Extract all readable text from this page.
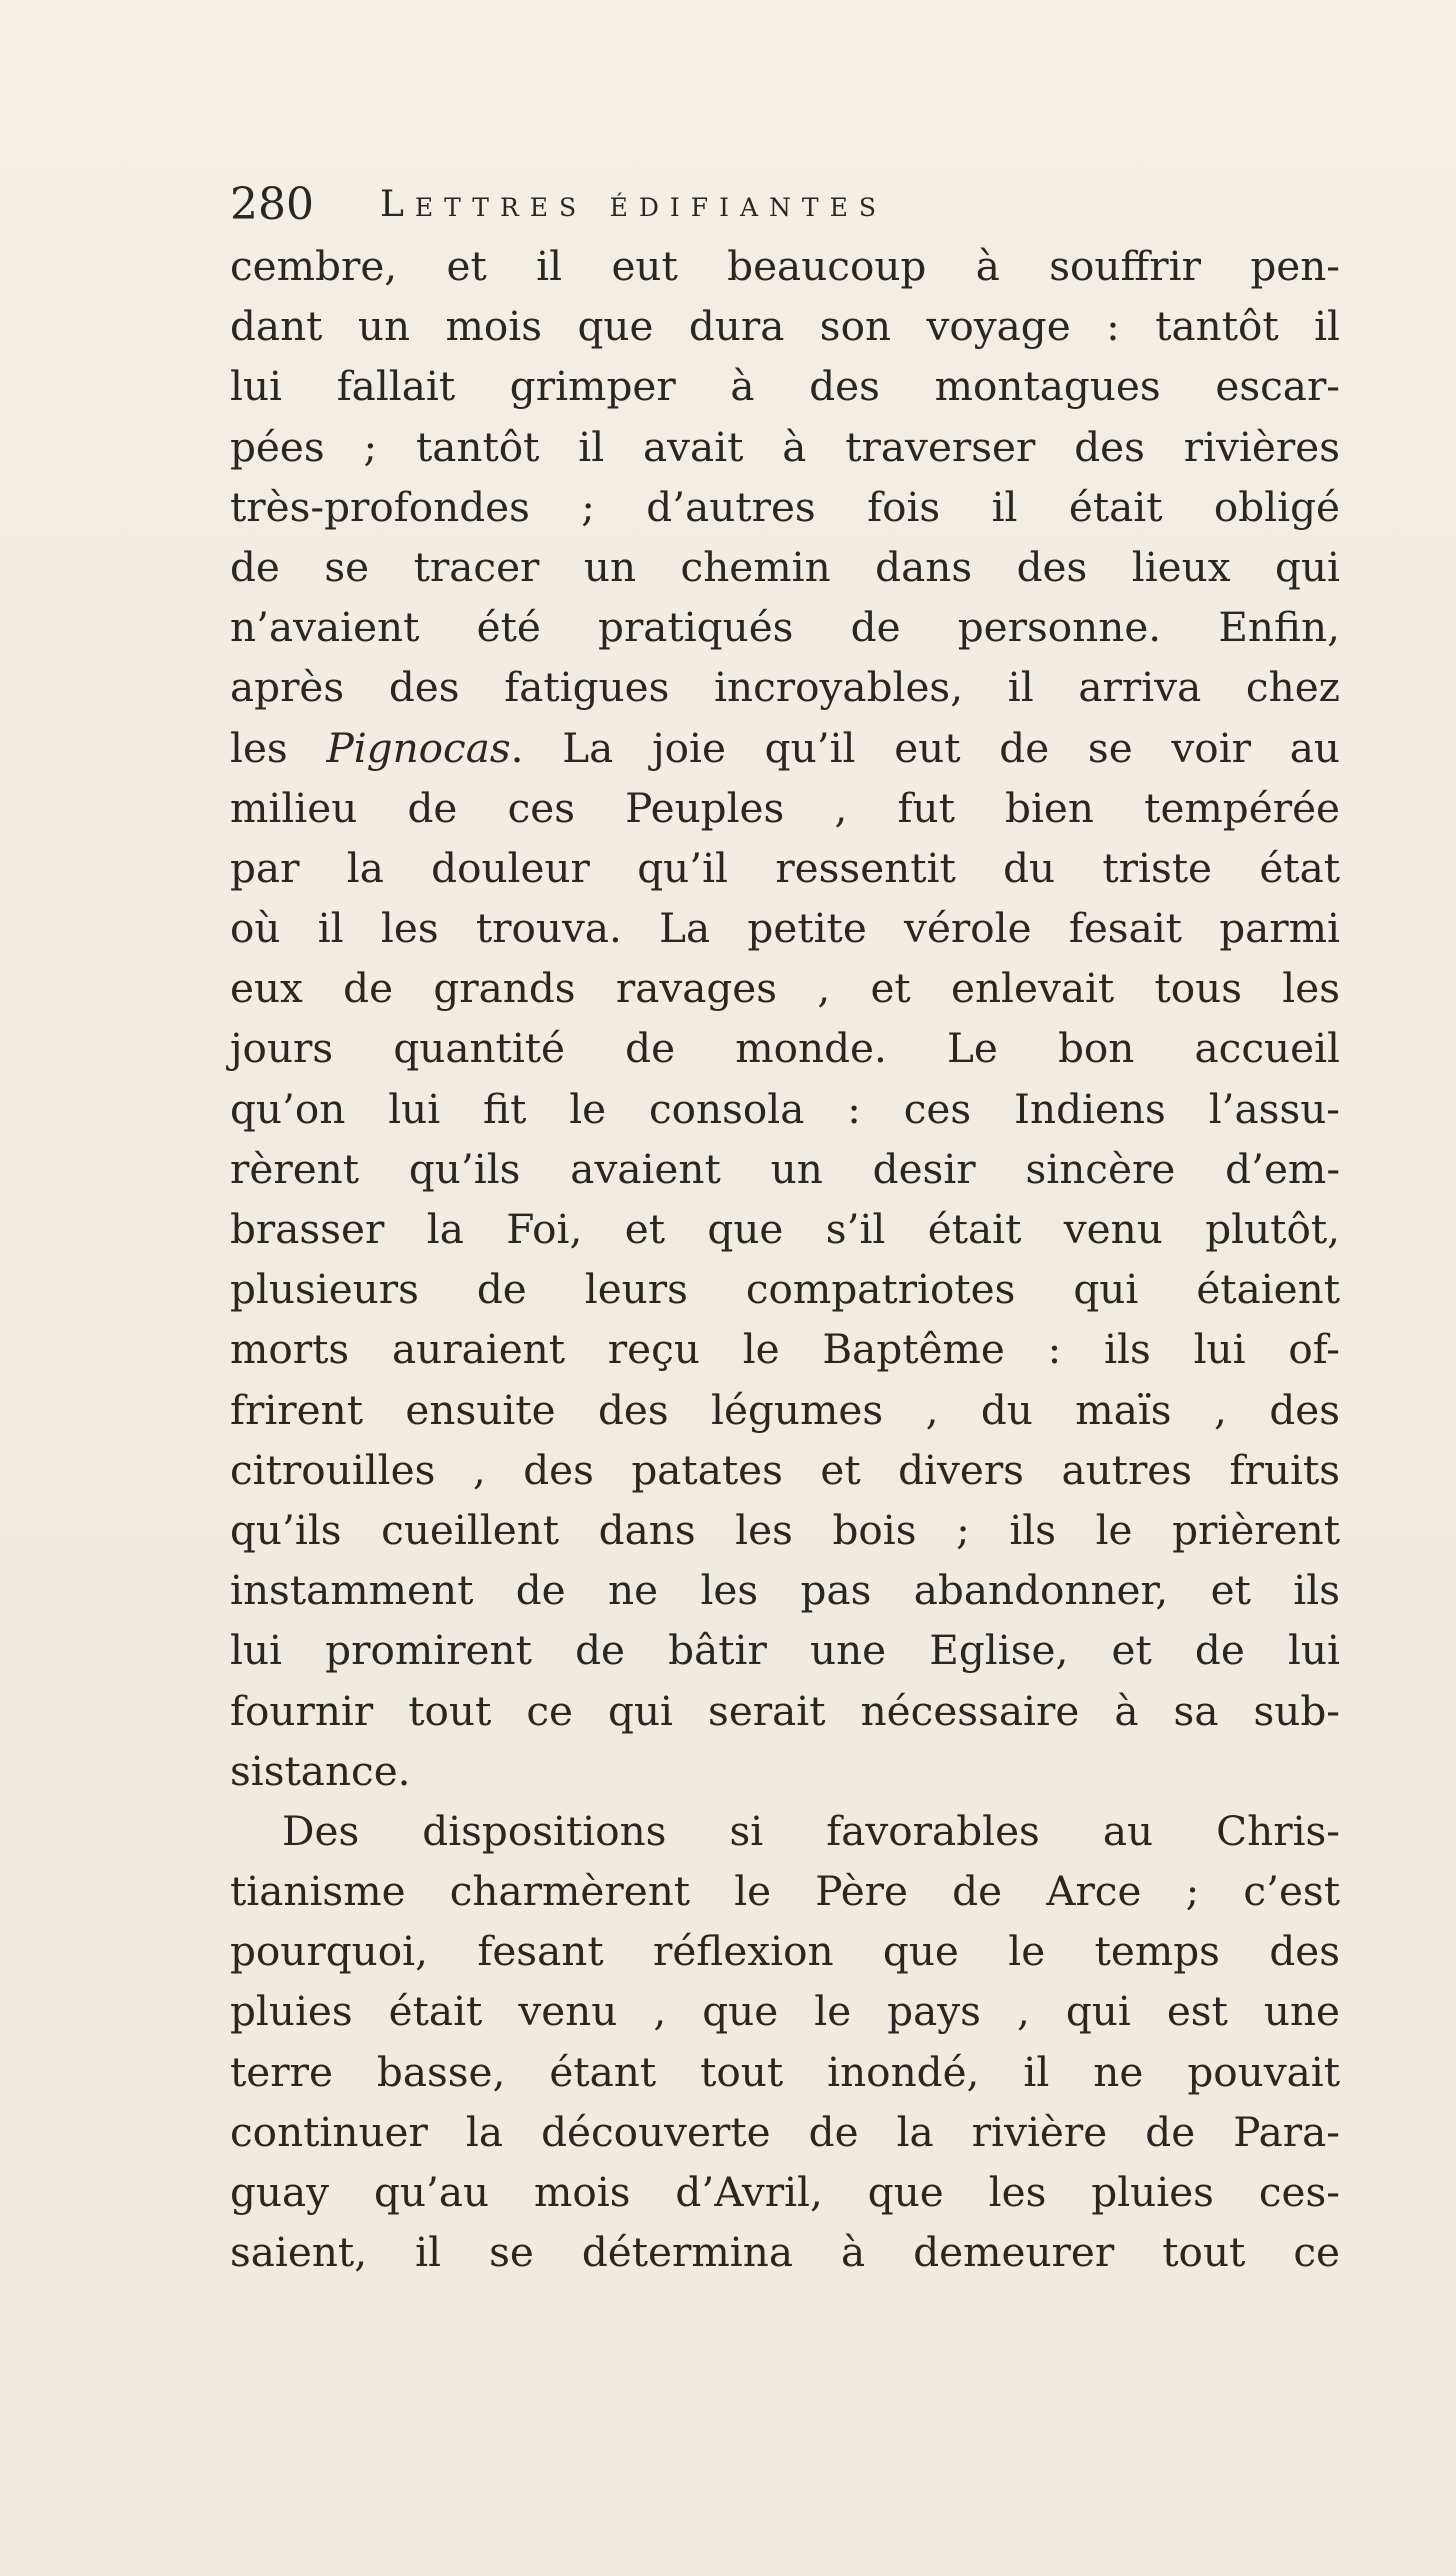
280 Lettres édifiantes
cembre, et il eut beaucoup à souffrir pen-
dant un mois que dura son voyage : tantôt il
lui fallait grimper à des montagues escar-
pées ; tantôt il avait à traverser des rivières
très-profondes ; d’autres fois il était obligé
de se tracer un chemin dans des lieux qui
n’avaient été pratiqués de personne. Enfin,
après des fatigues incroyables, il arriva chez
les Pignocas. La joie qu’il eut de se voir au
milieu de ces Peuples , fut bien tempérée
par la douleur qu’il ressentit du triste état
où il les trouva. La petite vérole fesait parmi
eux de grands ravages , et enlevait tous les
jours quantité de monde. Le bon accueil
qu’on lui fit le consola : ces Indiens l’assu-
rèrent qu’ils avaient un desir sincère d’em-
brasser la Foi, et que s’il était venu plutôt,
plusieurs de leurs compatriotes qui étaient
morts auraient reçu le Baptême : ils lui of-
frirent ensuite des légumes , du maïs , des
citrouilles , des patates et divers autres fruits
qu’ils cueillent dans les bois ; ils le prièrent
instamment de ne les pas abandonner, et ils
lui promirent de bâtir une Eglise, et de lui
fournir tout ce qui serait nécessaire à sa sub-
sistance.
Des dispositions si favorables au Chris-
tianisme charmèrent le Père de Arce ; c’est
pourquoi, fesant réflexion que le temps des
pluies était venu , que le pays , qui est une
terre basse, étant tout inondé, il ne pouvait
continuer la découverte de la rivière de Para-
guay qu’au mois d’Avril, que les pluies ces-
saient, il se détermina à demeurer tout ce
